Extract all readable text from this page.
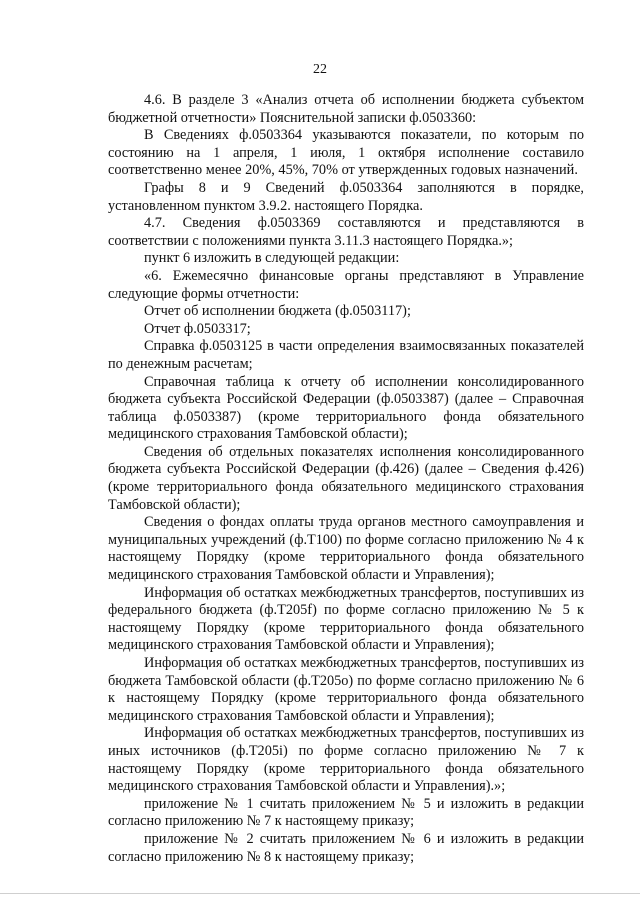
22

4.6. В разделе 3 «Анализ отчета об исполнении бюджета субъектом бюджетной отчетности» Пояснительной записки ф.0503360:

В Сведениях ф.0503364 указываются показатели, по которым по состоянию на 1 апреля, 1 июля, 1 октября исполнение составило соответственно менее 20%, 45%, 70% от утвержденных годовых назначений.

Графы 8 и 9 Сведений ф.0503364 заполняются в порядке, установленном пунктом 3.9.2. настоящего Порядка.

4.7. Сведения ф.0503369 составляются и представляются в соответствии с положениями пункта 3.11.3 настоящего Порядка.»;

пункт 6 изложить в следующей редакции:

«6. Ежемесячно финансовые органы представляют в Управление следующие формы отчетности:

Отчет об исполнении бюджета (ф.0503117);

Отчет ф.0503317;

Справка ф.0503125 в части определения взаимосвязанных показателей по денежным расчетам;

Справочная таблица к отчету об исполнении консолидированного бюджета субъекта Российской Федерации (ф.0503387) (далее – Справочная таблица ф.0503387) (кроме территориального фонда обязательного медицинского страхования Тамбовской области);

Сведения об отдельных показателях исполнения консолидированного бюджета субъекта Российской Федерации (ф.426) (далее – Сведения ф.426) (кроме территориального фонда обязательного медицинского страхования Тамбовской области);

Сведения о фондах оплаты труда органов местного самоуправления и муниципальных учреждений (ф.Т100) по форме согласно приложению № 4 к настоящему Порядку (кроме территориального фонда обязательного медицинского страхования Тамбовской области и Управления);

Информация об остатках межбюджетных трансфертов, поступивших из федерального бюджета (ф.Т205f) по форме согласно приложению № 5 к настоящему Порядку (кроме территориального фонда обязательного медицинского страхования Тамбовской области и Управления);

Информация об остатках межбюджетных трансфертов, поступивших из бюджета Тамбовской области (ф.Т205о) по форме согласно приложению № 6 к настоящему Порядку (кроме территориального фонда обязательного медицинского страхования Тамбовской области и Управления);

Информация об остатках межбюджетных трансфертов, поступивших из иных источников (ф.Т205i) по форме согласно приложению № 7 к настоящему Порядку (кроме территориального фонда обязательного медицинского страхования Тамбовской области и Управления).»;

приложение № 1 считать приложением № 5 и изложить в редакции согласно приложению № 7 к настоящему приказу;

приложение № 2 считать приложением № 6 и изложить в редакции согласно приложению № 8 к настоящему приказу;
